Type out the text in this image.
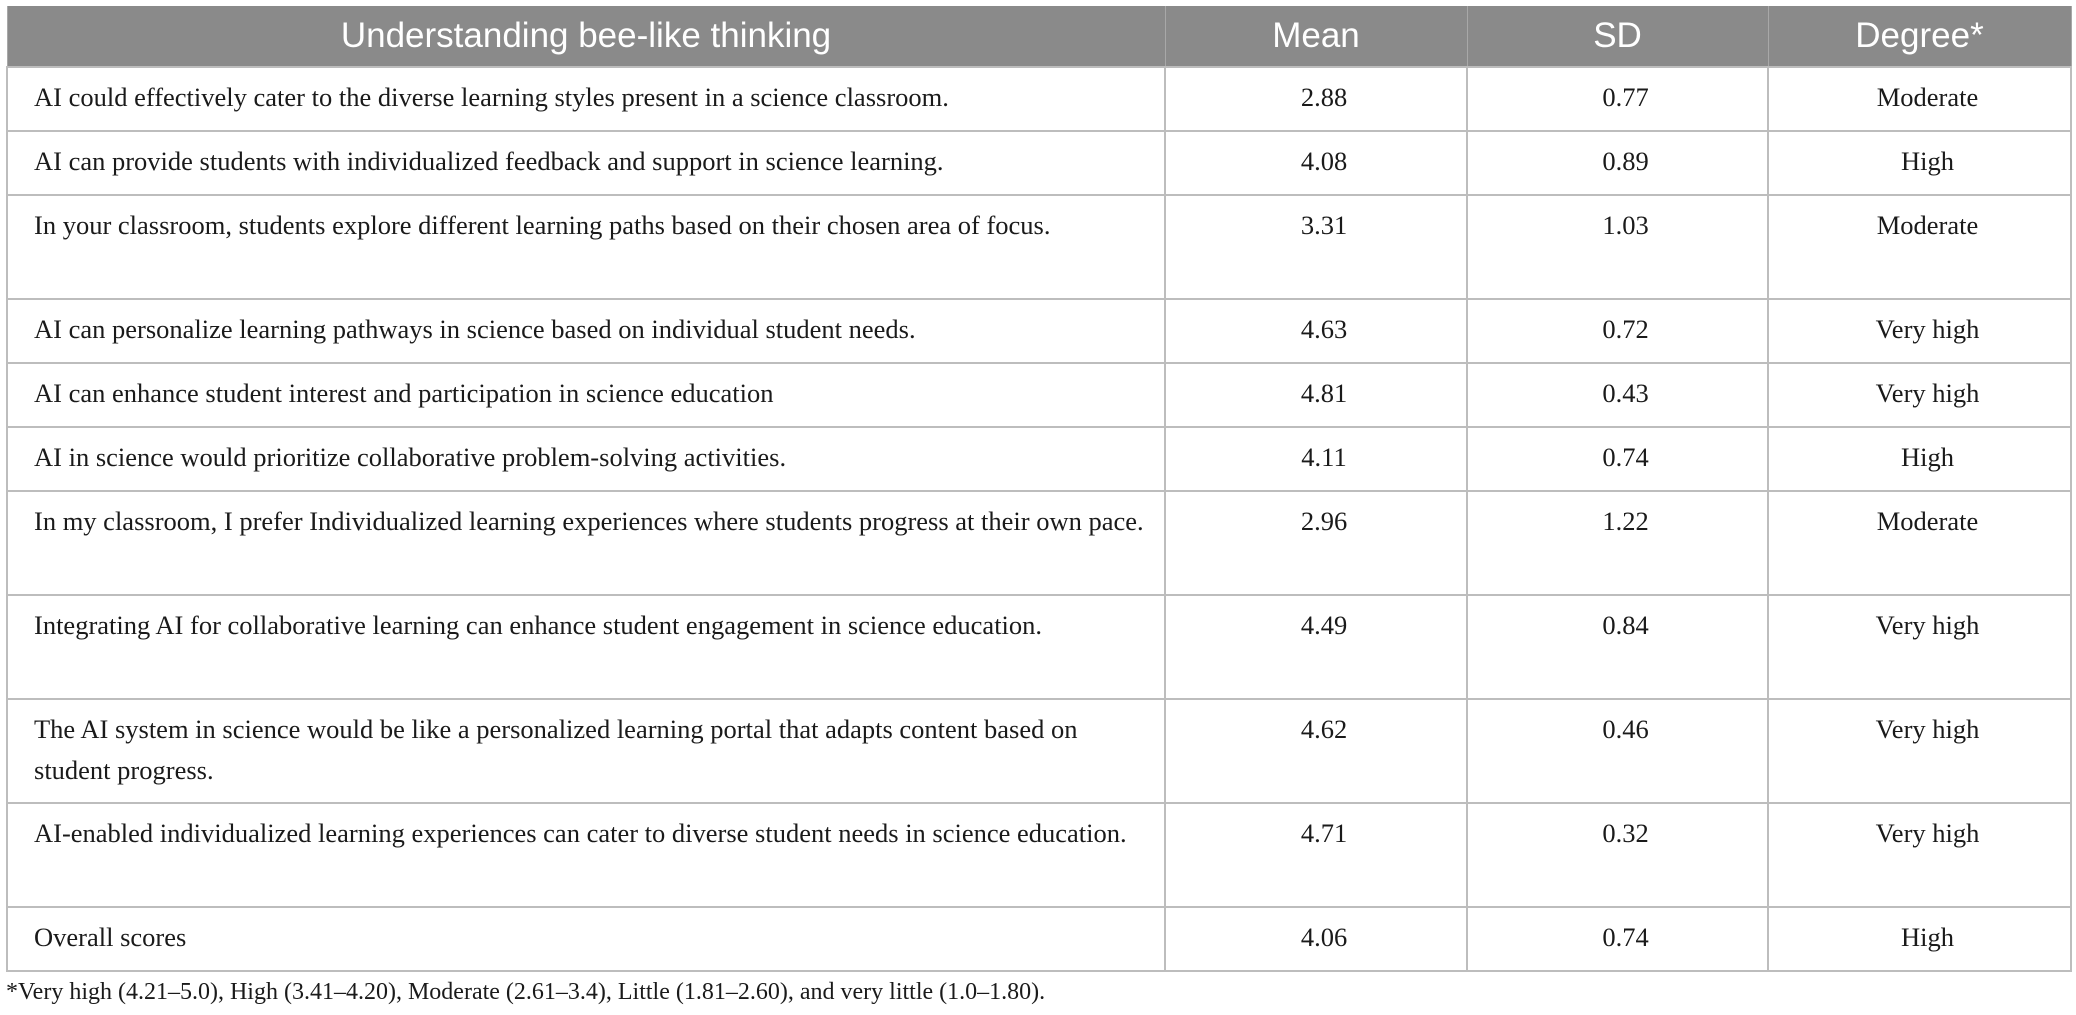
Understanding bee-like thinking	Mean	SD	Degree*
AI could effectively cater to the diverse learning styles present in a science classroom.	2.88	0.77	Moderate
AI can provide students with individualized feedback and support in science learning.	4.08	0.89	High
In your classroom, students explore different learning paths based on their chosen area of focus.	3.31	1.03	Moderate
AI can personalize learning pathways in science based on individual student needs.	4.63	0.72	Very high
AI can enhance student interest and participation in science education	4.81	0.43	Very high
AI in science would prioritize collaborative problem-solving activities.	4.11	0.74	High
In my classroom, I prefer Individualized learning experiences where students progress at their own pace.	2.96	1.22	Moderate
Integrating AI for collaborative learning can enhance student engagement in science education.	4.49	0.84	Very high
The AI system in science would be like a personalized learning portal that adapts content based on student progress.	4.62	0.46	Very high
AI-enabled individualized learning experiences can cater to diverse student needs in science education.	4.71	0.32	Very high
Overall scores	4.06	0.74	High
*Very high (4.21–5.0), High (3.41–4.20), Moderate (2.61–3.4), Little (1.81–2.60), and very little (1.0–1.80).
